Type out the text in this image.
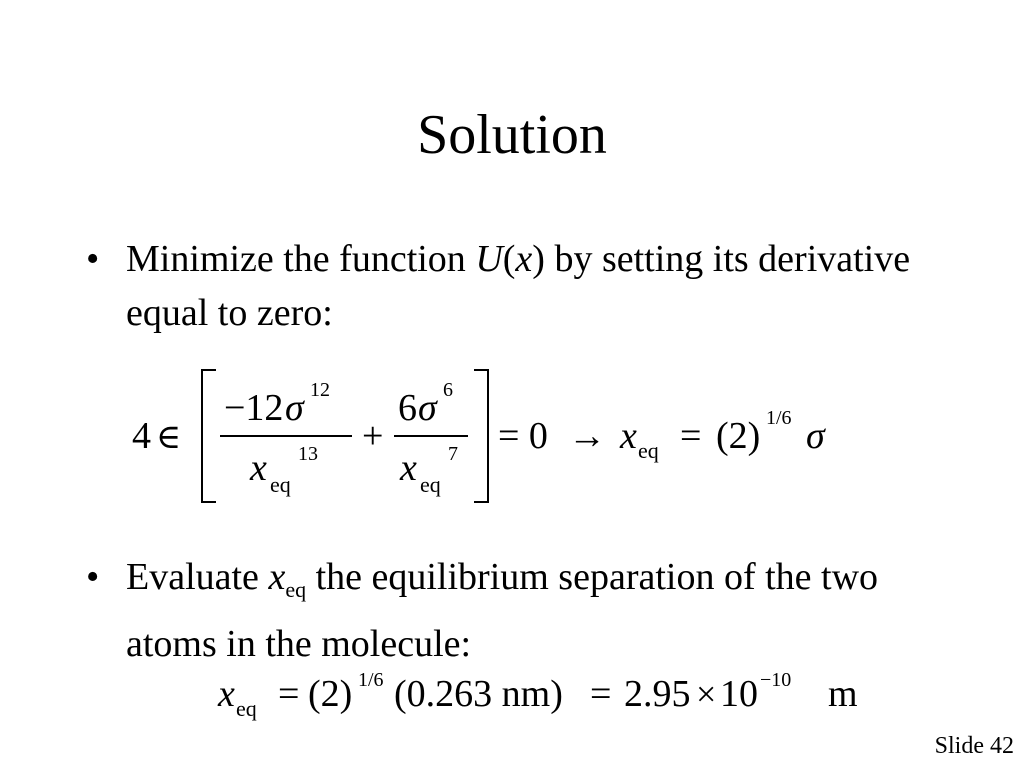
Solution
• Minimize the function U(x) by setting its derivative equal to zero:
4 ∈
−12 σ 12
x eq
13 +
6 σ 6
x eq
7 = 0 → x eq = (2) 1/6 σ
• Evaluate $x_{eq}$ the equilibrium separation of the two atoms in the molecule:
x eq = (2) 1/6 (0.263 nm) = 2.95 × 10 −10 m
Slide 42
